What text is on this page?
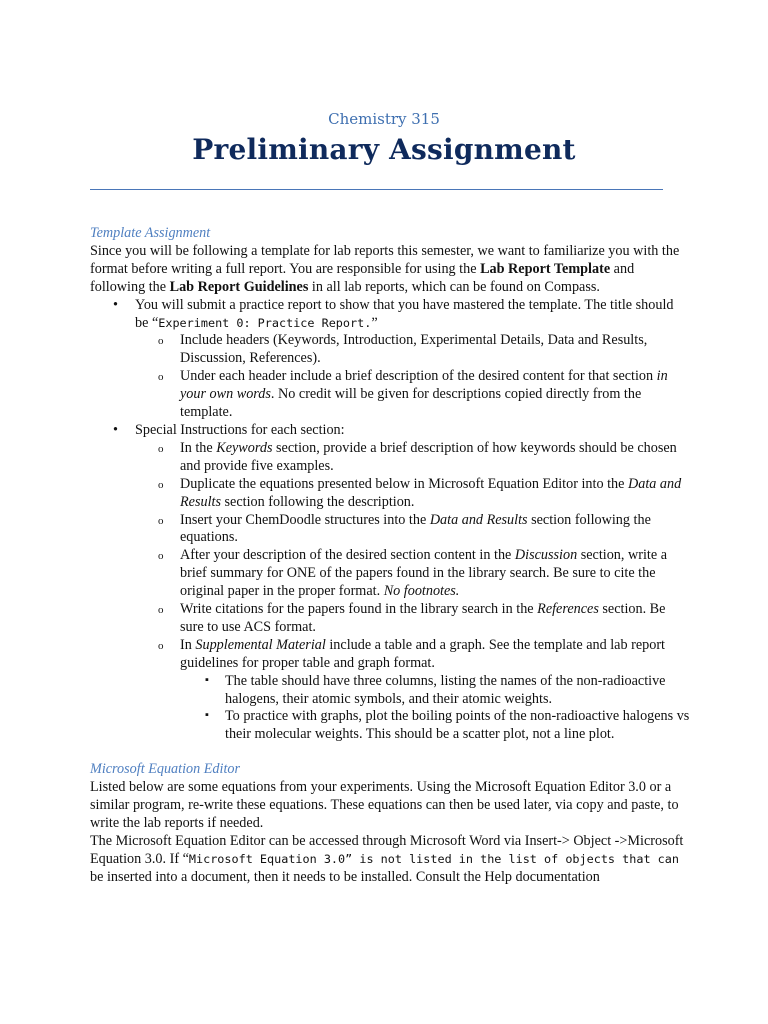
Chemistry 315
Preliminary Assignment

Template Assignment

Since you will be following a template for lab reports this semester, we want to familiarize you with the format before writing a full report. You are responsible for using the Lab Report Template and following the Lab Report Guidelines in all lab reports, which can be found on Compass.

• You will submit a practice report to show that you have mastered the template. The title should be “Experiment 0: Practice Report.”
o Include headers (Keywords, Introduction, Experimental Details, Data and Results, Discussion, References).
o Under each header include a brief description of the desired content for that section in your own words. No credit will be given for descriptions copied directly from the template.
• Special Instructions for each section:
o In the Keywords section, provide a brief description of how keywords should be chosen and provide five examples.
o Duplicate the equations presented below in Microsoft Equation Editor into the Data and Results section following the description.
o Insert your ChemDoodle structures into the Data and Results section following the equations.
o After your description of the desired section content in the Discussion section, write a brief summary for ONE of the papers found in the library search. Be sure to cite the original paper in the proper format. No footnotes.
o Write citations for the papers found in the library search in the References section. Be sure to use ACS format.
o In Supplemental Material include a table and a graph. See the template and lab report guidelines for proper table and graph format.
▪ The table should have three columns, listing the names of the non-radioactive halogens, their atomic symbols, and their atomic weights.
▪ To practice with graphs, plot the boiling points of the non-radioactive halogens vs their molecular weights. This should be a scatter plot, not a line plot.

Microsoft Equation Editor

Listed below are some equations from your experiments. Using the Microsoft Equation Editor 3.0 or a similar program, re-write these equations. These equations can then be used later, via copy and paste, to write the lab reports if needed.

The Microsoft Equation Editor can be accessed through Microsoft Word via Insert-> Object ->Microsoft Equation 3.0. If “Microsoft Equation 3.0” is not listed in the list of objects that can be inserted into a document, then it needs to be installed. Consult the Help documentation
